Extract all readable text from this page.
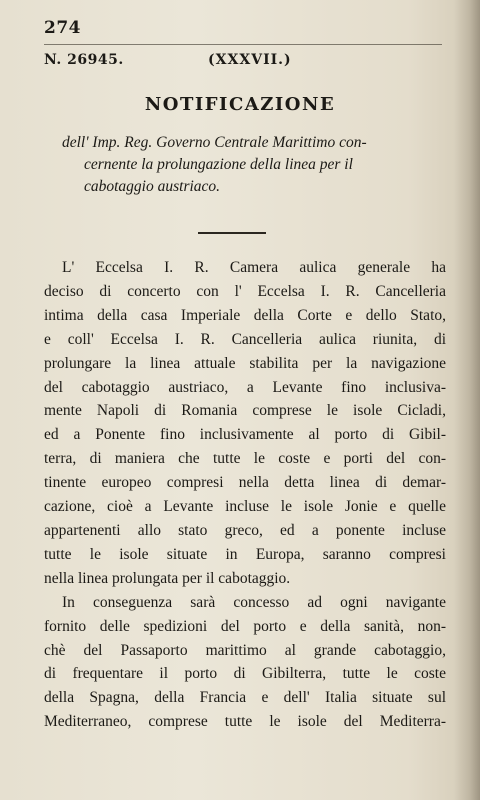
274
N. 26945.	(XXXVII.)
NOTIFICAZIONE
dell' Imp. Reg. Governo Centrale Marittimo con-
cernente la prolungazione della linea per il
cabotaggio austriaco.
L' Eccelsa I. R. Camera aulica generale ha
deciso di concerto con l' Eccelsa I. R. Cancelleria
intima della casa Imperiale della Corte e dello Stato,
e coll' Eccelsa I. R. Cancelleria aulica riunita, di
prolungare la linea attuale stabilita per la navigazione
del cabotaggio austriaco, a Levante fino inclusiva-
mente Napoli di Romania comprese le isole Cicladi,
ed a Ponente fino inclusivamente al porto di Gibil-
terra, di maniera che tutte le coste e porti del con-
tinente europeo compresi nella detta linea di demar-
cazione, cioè a Levante incluse le isole Jonie e quelle
appartenenti allo stato greco, ed a ponente incluse
tutte le isole situate in Europa, saranno compresi
nella linea prolungata per il cabotaggio.
In conseguenza sarà concesso ad ogni navigante
fornito delle spedizioni del porto e della sanità, non-
chè del Passaporto marittimo al grande cabotaggio,
di frequentare il porto di Gibilterra, tutte le coste
della Spagna, della Francia e dell' Italia situate sul
Mediterraneo, comprese tutte le isole del Mediterra-
